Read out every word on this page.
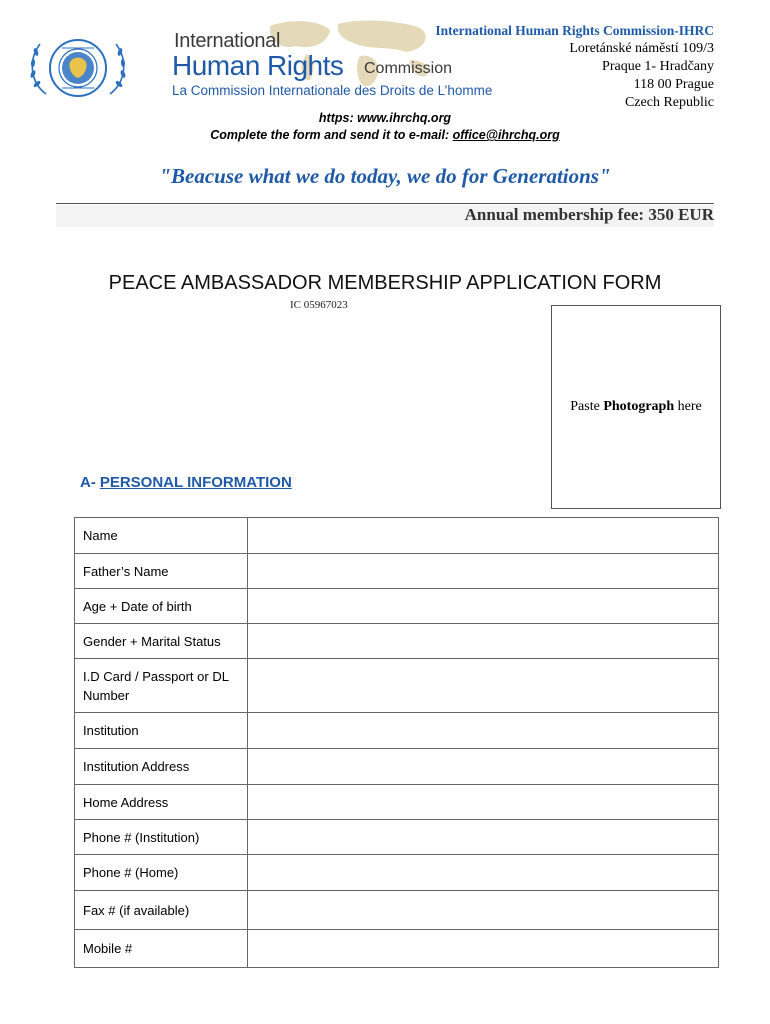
International
Human Rights Commission
La Commission Internationale des Droits de L’homme
International Human Rights Commission-IHRC
Loretánské náměstí 109/3
Praque 1- Hradčany
118 00 Prague
Czech Republic
https: www.ihrchq.org
Complete the form and send it to e-mail: office@ihrchq.org
"Beacuse what we do today, we do for Generations"
Annual membership fee: 350 EUR
PEACE AMBASSADOR MEMBERSHIP APPLICATION FORM
IC 05967023
Paste Photograph here
A- PERSONAL INFORMATION
Name	
Father’s Name	
Age + Date of birth	
Gender + Marital Status	
I.D Card / Passport or DL Number	
Institution	
Institution Address	
Home Address	
Phone # (Institution)	
Phone # (Home)	
Fax # (if available)	
Mobile #	
